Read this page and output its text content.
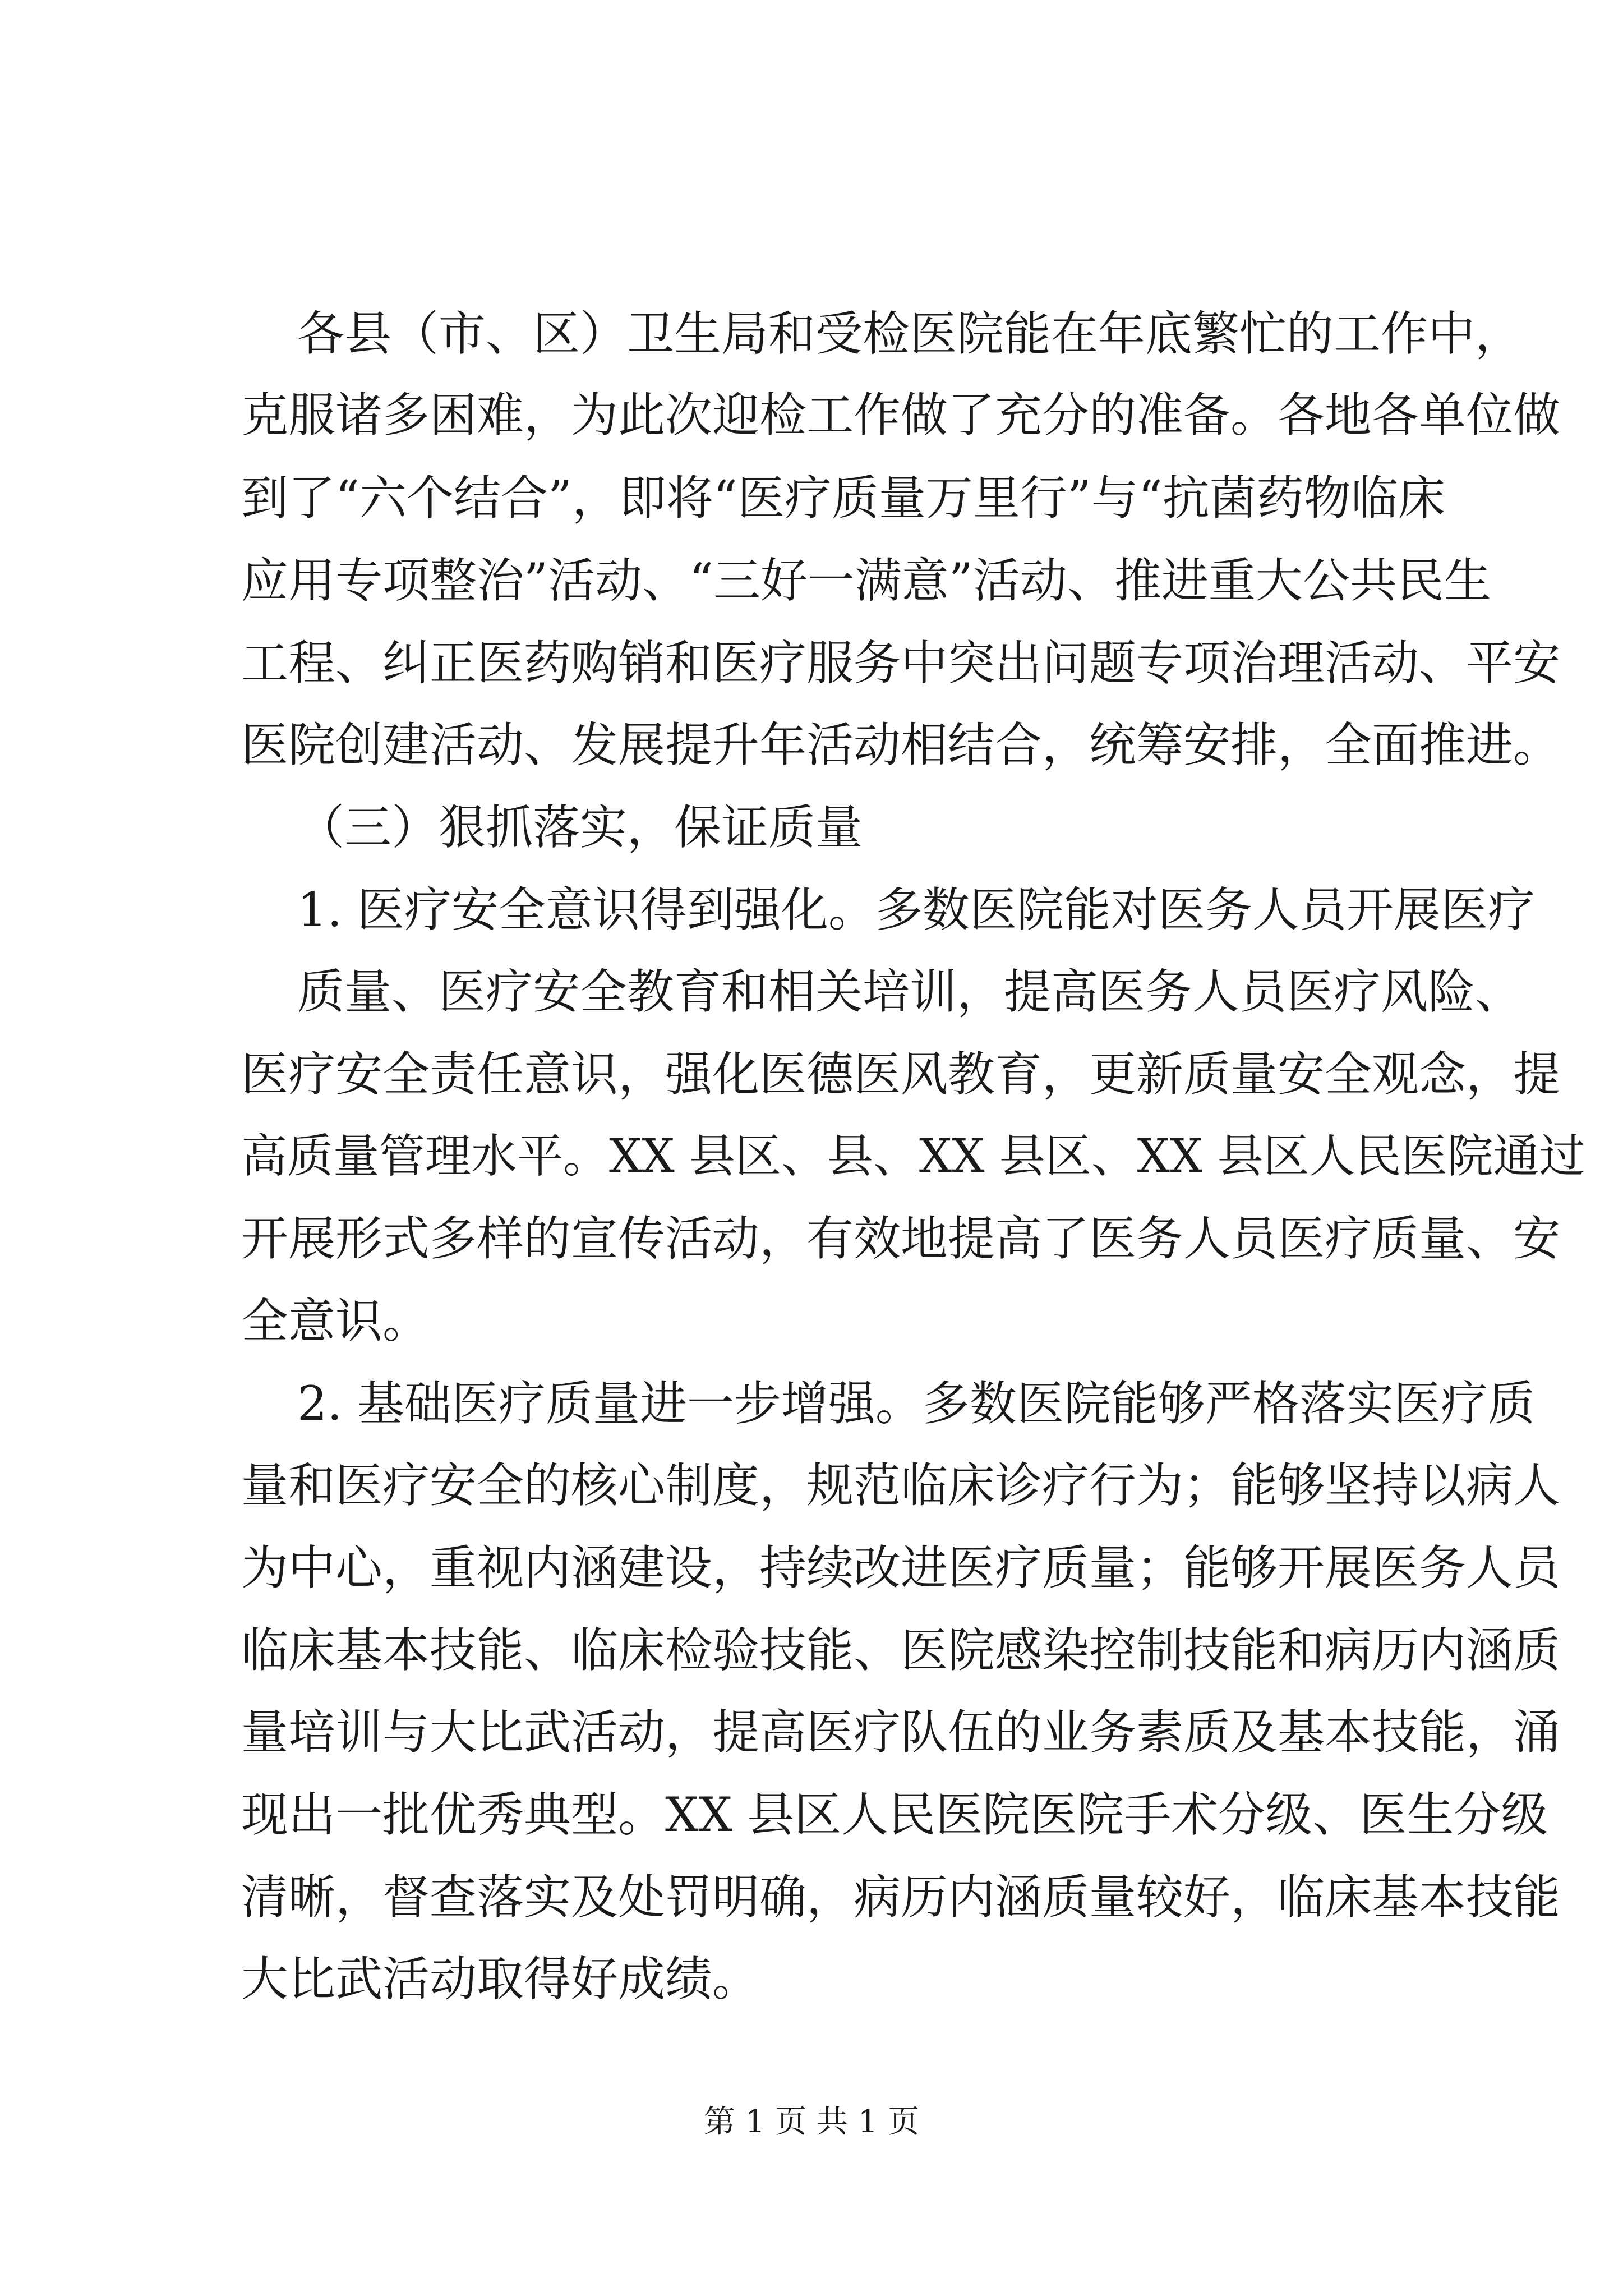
各县（市、区）卫生局和受检医院能在年底繁忙的工作中，
克服诸多困难，为此次迎检工作做了充分的准备。各地各单位做
到了“六个结合”，即将“医疗质量万里行”与“抗菌药物临床
应用专项整治”活动、“三好一满意”活动、推进重大公共民生
工程、纠正医药购销和医疗服务中突出问题专项治理活动、平安
医院创建活动、发展提升年活动相结合，统筹安排，全面推进。
（三）狠抓落实，保证质量
1. 医疗安全意识得到强化。多数医院能对医务人员开展医疗
质量、医疗安全教育和相关培训，提高医务人员医疗风险、
医疗安全责任意识，强化医德医风教育，更新质量安全观念，提
高质量管理水平。XX 县区、县、XX 县区、XX 县区人民医院通过
开展形式多样的宣传活动，有效地提高了医务人员医疗质量、安
全意识。
2. 基础医疗质量进一步增强。多数医院能够严格落实医疗质
量和医疗安全的核心制度，规范临床诊疗行为；能够坚持以病人
为中心，重视内涵建设，持续改进医疗质量；能够开展医务人员
临床基本技能、临床检验技能、医院感染控制技能和病历内涵质
量培训与大比武活动，提高医疗队伍的业务素质及基本技能，涌
现出一批优秀典型。XX 县区人民医院医院手术分级、医生分级
清晰，督查落实及处罚明确，病历内涵质量较好，临床基本技能
大比武活动取得好成绩。
第 1 页 共 1 页
